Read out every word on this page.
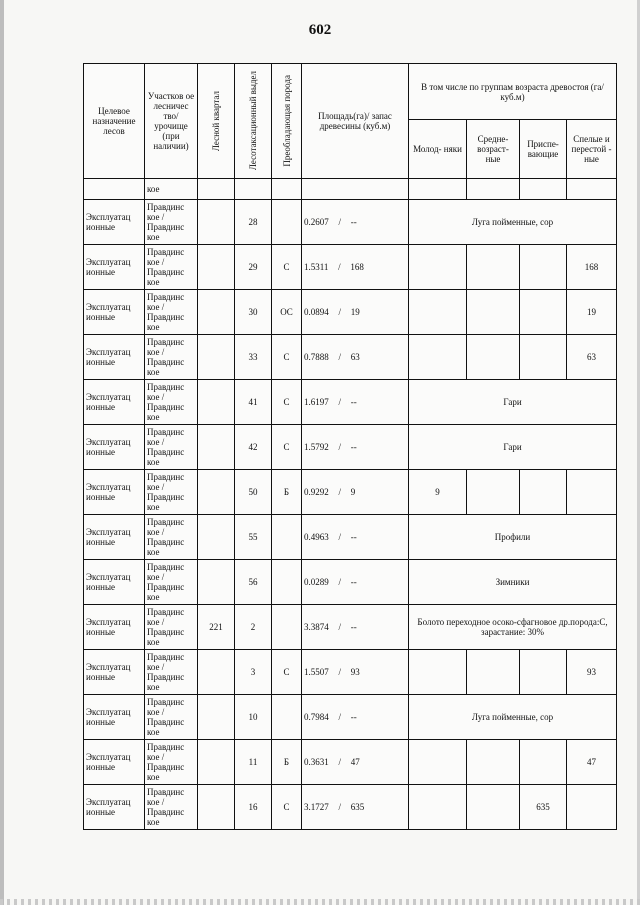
602
Целевое назначение лесов	Участков ое лесничес тво/ урочище (при наличии)	Лесной квартал	Лесотаксационный выдел	Преобладающая порода	Площадь(га)/ запас древесины (куб.м)	В том числе по группам возраста древостоя (га/ куб.м)			
						Молод- няки	Средне- возраст- ные	Приспе- вающие	Спелые и перестой - ные
	кое								
Эксплуатац ионные	Правдинс кое / Правдинс кое		28		0.2607 / --	Луга пойменные, сор			
Эксплуатац ионные	Правдинс кое / Правдинс кое		29	С	1.5311 / 168				168
Эксплуатац ионные	Правдинс кое / Правдинс кое		30	ОС	0.0894 / 19				19
Эксплуатац ионные	Правдинс кое / Правдинс кое		33	С	0.7888 / 63				63
Эксплуатац ионные	Правдинс кое / Правдинс кое		41	С	1.6197 / --	Гари			
Эксплуатац ионные	Правдинс кое / Правдинс кое		42	С	1.5792 / --	Гари			
Эксплуатац ионные	Правдинс кое / Правдинс кое		50	Б	0.9292 / 9	9			
Эксплуатац ионные	Правдинс кое / Правдинс кое		55		0.4963 / --	Профили			
Эксплуатац ионные	Правдинс кое / Правдинс кое		56		0.0289 / --	Зимники			
Эксплуатац ионные	Правдинс кое / Правдинс кое	221	2		3.3874 / --	Болото переходное осоко-сфагновое др.порода:С, зарастание: 30%			
Эксплуатац ионные	Правдинс кое / Правдинс кое		3	С	1.5507 / 93				93
Эксплуатац ионные	Правдинс кое / Правдинс кое		10		0.7984 / --	Луга пойменные, сор			
Эксплуатац ионные	Правдинс кое / Правдинс кое		11	Б	0.3631 / 47				47
Эксплуатац ионные	Правдинс кое / Правдинс кое		16	С	3.1727 / 635			635	
